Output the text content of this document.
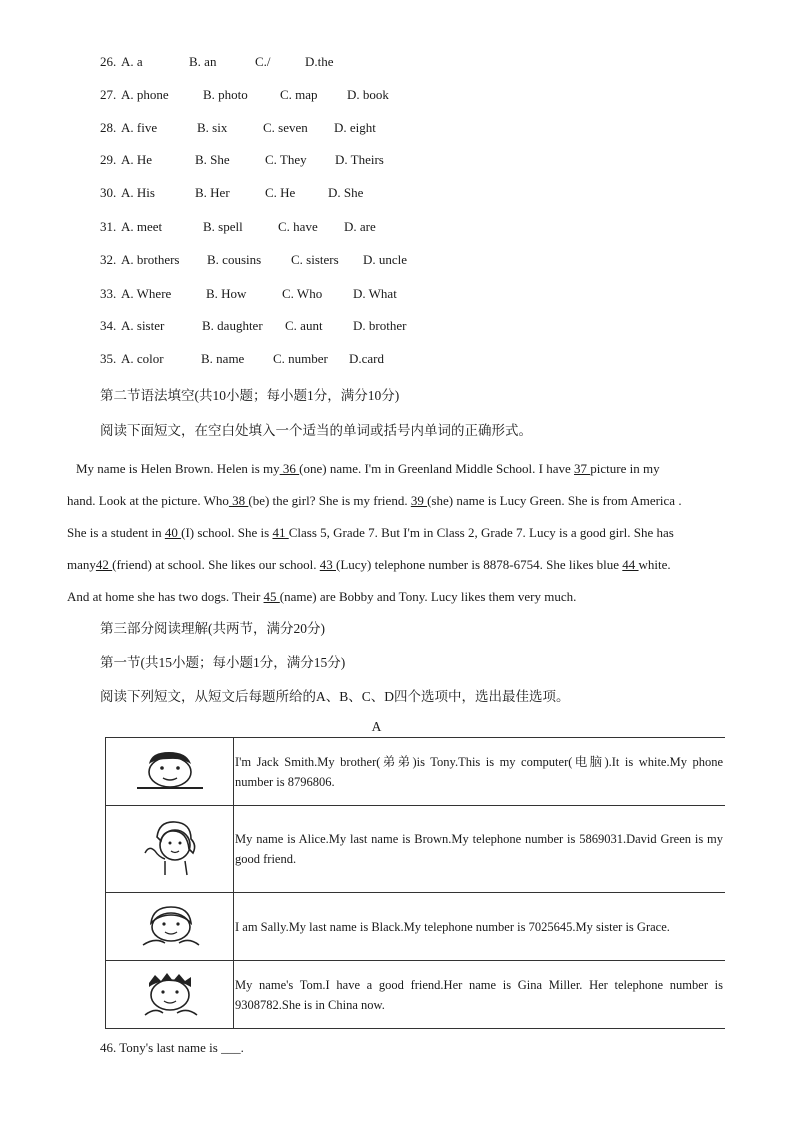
26. A. a	B. an	C./	D.the
27. A. phone	B. photo C. map D. book
28. A. five	B. six	C. seven D. eight
29. A. He	B. She	C. They D. Theirs
30. A. His	B. Her	C. He	D. She
31. A. meet	B. spell	C. have D. are
32. A. brothers B. cousins C. sisters D. uncle
33. A. Where	B. How	C. Who D. What
34. A. sister	B. daughter C. aunt D. brother
35. A. color	B. name C. number D.card
第二节语法填空(共10小题；每小题1分，满分10分)
阅读下面短文，在空白处填入一个适当的单词或括号内单词的正确形式。
My name is Helen Brown. Helen is my 36 (one) name. I'm in Greenland Middle School. I have 37 picture in my
hand. Look at the picture. Who 38 (be) the girl? She is my friend. 39 (she) name is Lucy Green. She is from America .
She is a student in 40 (I) school. She is 41 Class 5, Grade 7. But I'm in Class 2, Grade 7. Lucy is a good girl. She has
many42 (friend) at school. She likes our school. 43 (Lucy) telephone number is 8878-6754. She likes blue 44 white.
And at home she has two dogs. Their 45 (name) are Bobby and Tony. Lucy likes them very much.
第三部分阅读理解(共两节，满分20分)
第一节(共15小题；每小题1分，满分15分)
阅读下列短文，从短文后每题所给的A、B、C、D四个选项中，选出最佳选项。
A
	I'm Jack Smith.My brother(弟弟)is Tony.This is my computer(电脑).It is white.My phone number is 8796806.
	My name is Alice.My last name is Brown.My telephone number is 5869031.David Green is my good friend.
	I am Sally.My last name is Black.My telephone number is 7025645.My sister is Grace.
	My name's Tom.I have a good friend.Her name is Gina Miller. Her telephone number is 9308782.She is in China now.
46. Tony's last name is ___.
